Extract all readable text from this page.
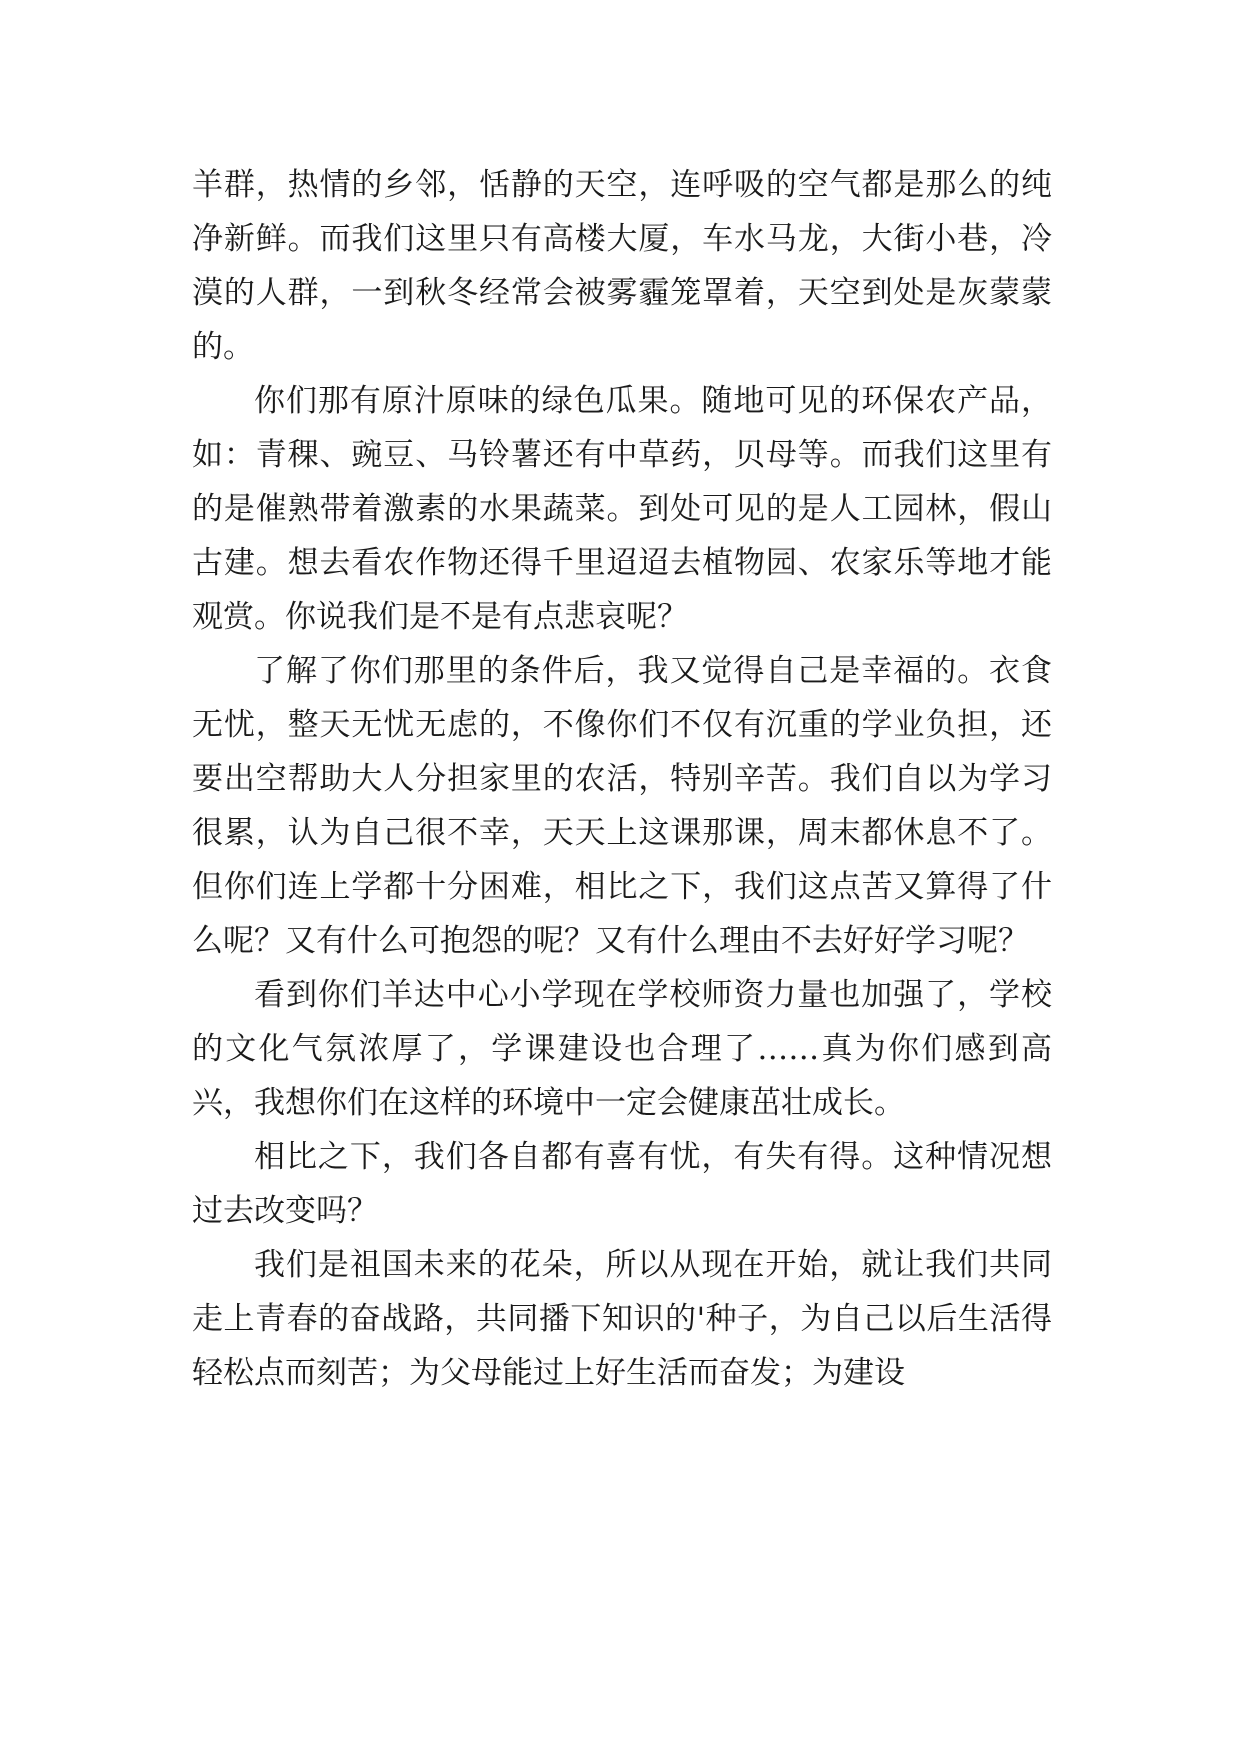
羊群，热情的乡邻，恬静的天空，连呼吸的空气都是那么的纯净新鲜。而我们这里只有高楼大厦，车水马龙，大街小巷，冷漠的人群，一到秋冬经常会被雾霾笼罩着，天空到处是灰蒙蒙的。

你们那有原汁原味的绿色瓜果。随地可见的环保农产品，如：青稞、豌豆、马铃薯还有中草药，贝母等。而我们这里有的是催熟带着激素的水果蔬菜。到处可见的是人工园林，假山古建。想去看农作物还得千里迢迢去植物园、农家乐等地才能观赏。你说我们是不是有点悲哀呢？

了解了你们那里的条件后，我又觉得自己是幸福的。衣食无忧，整天无忧无虑的，不像你们不仅有沉重的学业负担，还要出空帮助大人分担家里的农活，特别辛苦。我们自以为学习很累，认为自己很不幸，天天上这课那课，周末都休息不了。但你们连上学都十分困难，相比之下，我们这点苦又算得了什么呢？又有什么可抱怨的呢？又有什么理由不去好好学习呢？

看到你们羊达中心小学现在学校师资力量也加强了，学校的文化气氛浓厚了，学课建设也合理了……真为你们感到高兴，我想你们在这样的环境中一定会健康茁壮成长。

相比之下，我们各自都有喜有忧，有失有得。这种情况想过去改变吗？

我们是祖国未来的花朵，所以从现在开始，就让我们共同走上青春的奋战路，共同播下知识的'种子，为自己以后生活得轻松点而刻苦；为父母能过上好生活而奋发；为建设
